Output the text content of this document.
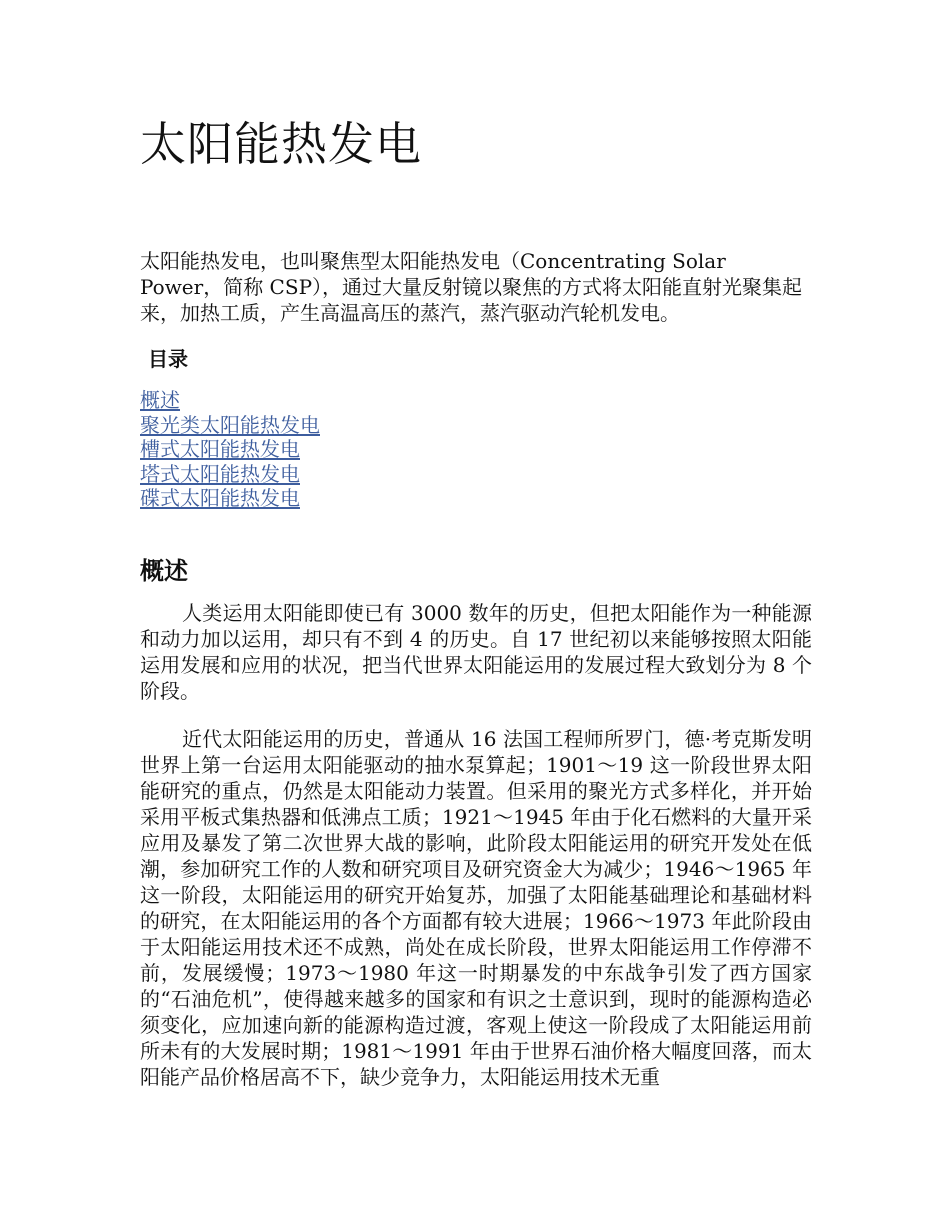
太阳能热发电

太阳能热发电，也叫聚焦型太阳能热发电（Concentrating Solar Power，简称 CSP），通过大量反射镜以聚焦的方式将太阳能直射光聚集起来，加热工质，产生高温高压的蒸汽，蒸汽驱动汽轮机发电。

目录
概述
聚光类太阳能热发电
槽式太阳能热发电
塔式太阳能热发电
碟式太阳能热发电
概述

人类运用太阳能即使已有 3000 数年的历史，但把太阳能作为一种能源和动力加以运用，却只有不到 4 的历史。自 17 世纪初以来能够按照太阳能运用发展和应用的状况，把当代世界太阳能运用的发展过程大致划分为 8 个阶段。

近代太阳能运用的历史，普通从 16 法国工程师所罗门，德·考克斯发明世界上第一台运用太阳能驱动的抽水泵算起；1901～19 这一阶段世界太阳能研究的重点，仍然是太阳能动力装置。但采用的聚光方式多样化，并开始采用平板式集热器和低沸点工质；1921～1945 年由于化石燃料的大量开采应用及暴发了第二次世界大战的影响，此阶段太阳能运用的研究开发处在低潮，参加研究工作的人数和研究项目及研究资金大为减少；1946～1965 年这一阶段，太阳能运用的研究开始复苏，加强了太阳能基础理论和基础材料的研究，在太阳能运用的各个方面都有较大进展；1966～1973 年此阶段由于太阳能运用技术还不成熟，尚处在成长阶段，世界太阳能运用工作停滞不前，发展缓慢；1973～1980 年这一时期暴发的中东战争引发了西方国家的“石油危机”，使得越来越多的国家和有识之士意识到，现时的能源构造必须变化，应加速向新的能源构造过渡，客观上使这一阶段成了太阳能运用前所未有的大发展时期；1981～1991 年由于世界石油价格大幅度回落，而太阳能产品价格居高不下，缺少竞争力，太阳能运用技术无重
